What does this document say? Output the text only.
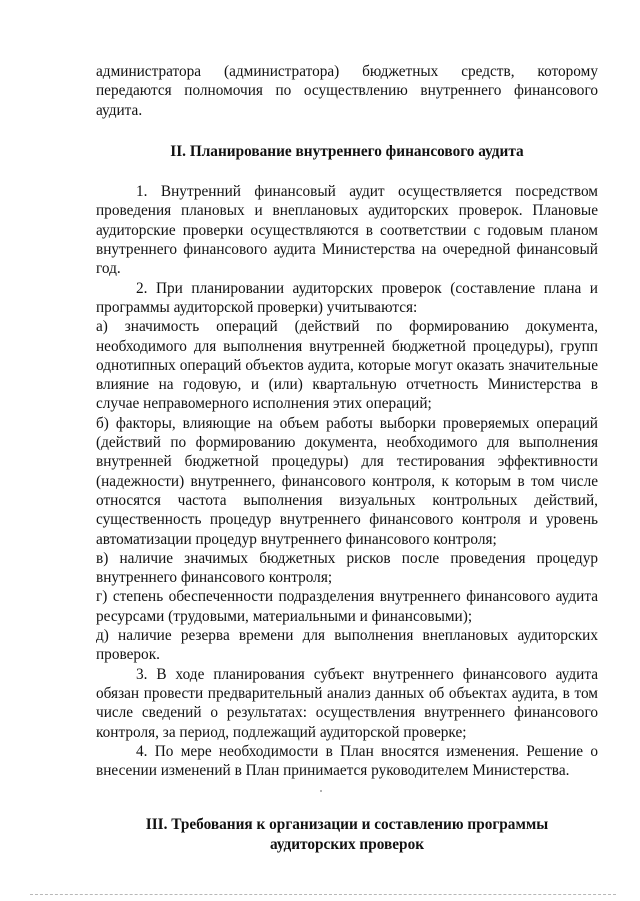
администратора (администратора) бюджетных средств, которому передаются полномочия по осуществлению внутреннего финансового аудита.

II. Планирование внутреннего финансового аудита

1. Внутренний финансовый аудит осуществляется посредством проведения плановых и внеплановых аудиторских проверок. Плановые аудиторские проверки осуществляются в соответствии с годовым планом внутреннего финансового аудита Министерства на очередной финансовый год.

2. При планировании аудиторских проверок (составление плана и программы аудиторской проверки) учитываются:

а) значимость операций (действий по формированию документа, необходимого для выполнения внутренней бюджетной процедуры), групп однотипных операций объектов аудита, которые могут оказать значительные влияние на годовую, и (или) квартальную отчетность Министерства в случае неправомерного исполнения этих операций;

б) факторы, влияющие на объем работы выборки проверяемых операций (действий по формированию документа, необходимого для выполнения внутренней бюджетной процедуры) для тестирования эффективности (надежности) внутреннего, финансового контроля, к которым в том числе относятся частота выполнения визуальных контрольных действий, существенность процедур внутреннего финансового контроля и уровень автоматизации процедур внутреннего финансового контроля;

в) наличие значимых бюджетных рисков после проведения процедур внутреннего финансового контроля;

г) степень обеспеченности подразделения внутреннего финансового аудита ресурсами (трудовыми, материальными и финансовыми);

д) наличие резерва времени для выполнения внеплановых аудиторских проверок.

3. В ходе планирования субъект внутреннего финансового аудита обязан провести предварительный анализ данных об объектах аудита, в том числе сведений о результатах: осуществления внутреннего финансового контроля, за период, подлежащий аудиторской проверке;

4. По мере необходимости в План вносятся изменения. Решение о внесении изменений в План принимается руководителем Министерства.

III. Требования к организации и составлению программы

аудиторских проверок
